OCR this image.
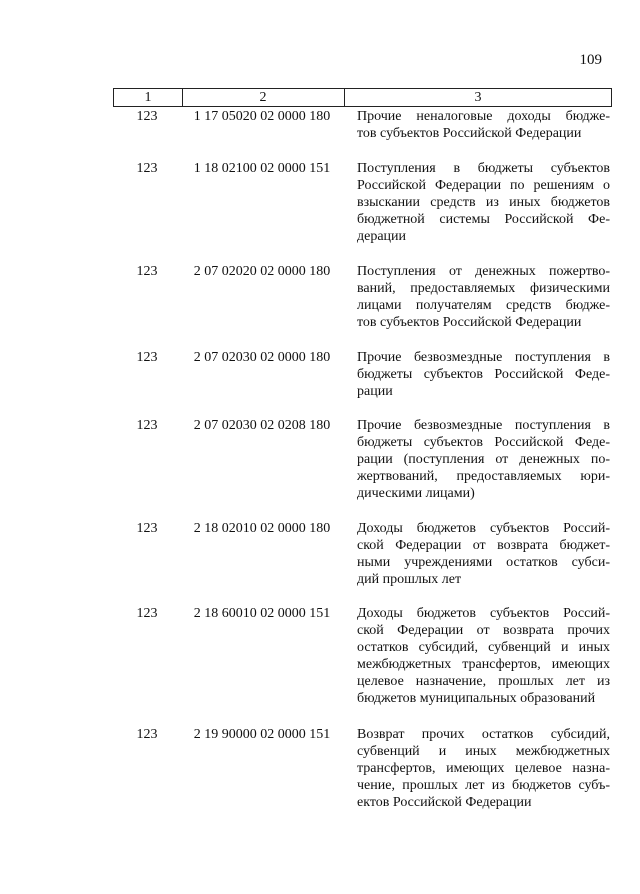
109
1	2	3
123	1 17 05020 02 0000 180	Прочие неналоговые доходы бюдже-
тов субъектов Российской Федерации
123	1 18 02100 02 0000 151	Поступления в бюджеты субъектов
Российской Федерации по решениям о
взыскании средств из иных бюджетов
бюджетной системы Российской Фе-
дерации
123	2 07 02020 02 0000 180	Поступления от денежных пожертво-
ваний, предоставляемых физическими
лицами получателям средств бюдже-
тов субъектов Российской Федерации
123	2 07 02030 02 0000 180	Прочие безвозмездные поступления в
бюджеты субъектов Российской Феде-
рации
123	2 07 02030 02 0208 180	Прочие безвозмездные поступления в
бюджеты субъектов Российской Феде-
рации (поступления от денежных по-
жертвований, предоставляемых юри-
дическими лицами)
123	2 18 02010 02 0000 180	Доходы бюджетов субъектов Россий-
ской Федерации от возврата бюджет-
ными учреждениями остатков субси-
дий прошлых лет
123	2 18 60010 02 0000 151	Доходы бюджетов субъектов Россий-
ской Федерации от возврата прочих
остатков субсидий, субвенций и иных
межбюджетных трансфертов, имеющих
целевое назначение, прошлых лет из
бюджетов муниципальных образований
123	2 19 90000 02 0000 151	Возврат прочих остатков субсидий,
субвенций и иных межбюджетных
трансфертов, имеющих целевое назна-
чение, прошлых лет из бюджетов субъ-
ектов Российской Федерации
